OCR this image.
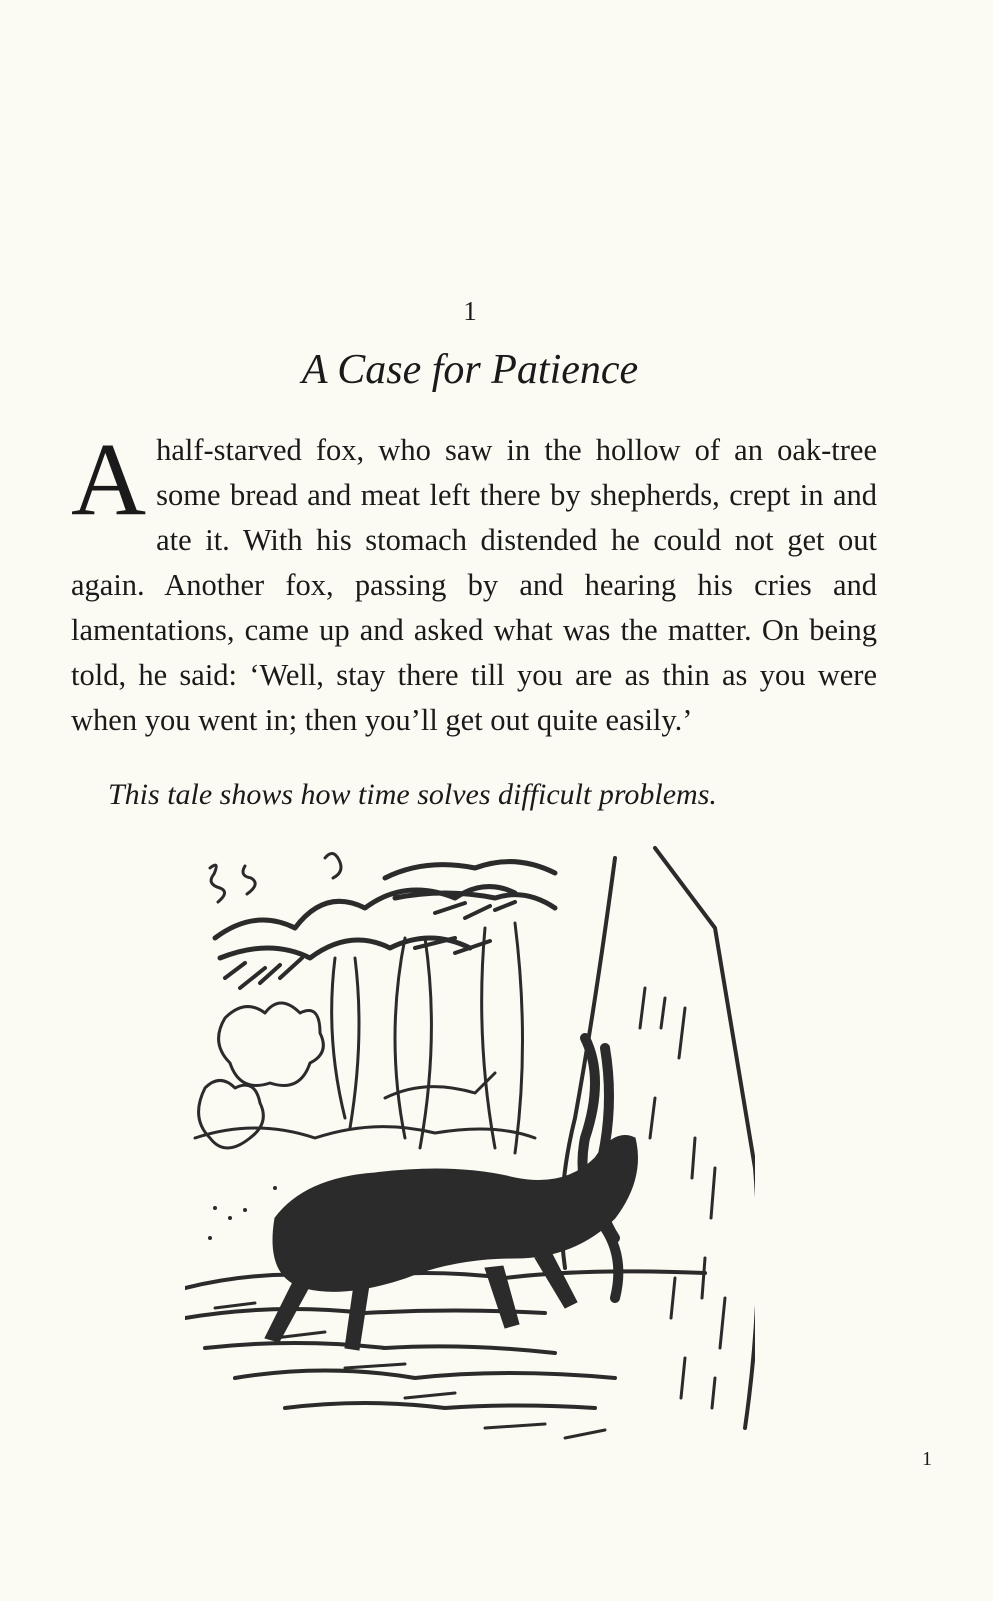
1
A Case for Patience
A half-starved fox, who saw in the hollow of an oak-tree some bread and meat left there by shepherds, crept in and ate it. With his stomach distended he could not get out again. Another fox, passing by and hearing his cries and lamentations, came up and asked what was the matter. On being told, he said: ‘Well, stay there till you are as thin as you were when you went in; then you’ll get out quite easily.’
This tale shows how time solves difficult problems.
1
